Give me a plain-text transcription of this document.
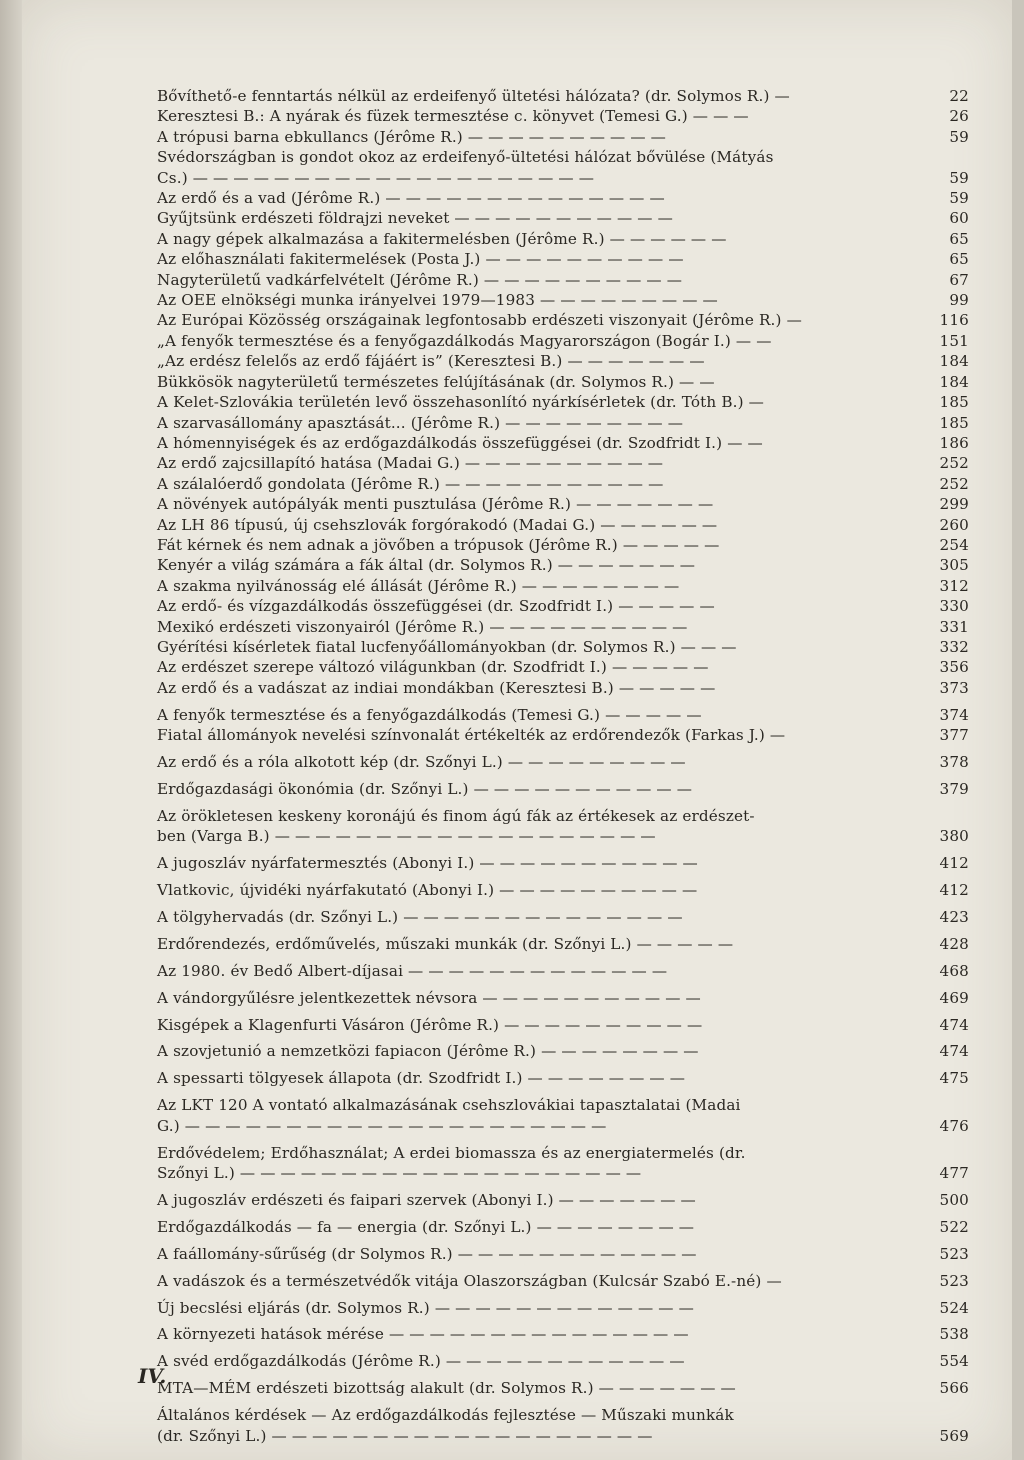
Bővíthető-e fenntartás nélkül az erdeifenyő ültetési hálózata? (dr. Solymos R.) —	22
Keresztesi B.: A nyárak és füzek termesztése c. könyvet (Temesi G.) — — —	26
A trópusi barna ebkullancs (Jérôme R.) — — — — — — — — — —	59
Svédországban is gondot okoz az erdeifenyő-ültetési hálózat bővülése (Mátyás
Cs.) — — — — — — — — — — — — — — — — — — — —	59
Az erdő és a vad (Jérôme R.) — — — — — — — — — — — — — —	59
Gyűjtsünk erdészeti földrajzi neveket — — — — — — — — — — —	60
A nagy gépek alkalmazása a fakitermelésben (Jérôme R.) — — — — — —	65
Az előhasználati fakitermelések (Posta J.) — — — — — — — — — —	65
Nagyterületű vadkárfelvételt (Jérôme R.) — — — — — — — — — —	67
Az OEE elnökségi munka irányelvei 1979—1983 — — — — — — — — —	99
Az Európai Közösség országainak legfontosabb erdészeti viszonyait (Jérôme R.) —	116
„A fenyők termesztése és a fenyőgazdálkodás Magyarországon (Bogár I.) — —	151
„Az erdész felelős az erdő fájáért is” (Keresztesi B.) — — — — — — —	184
Bükkösök nagyterületű természetes felújításának (dr. Solymos R.) — —	184
A Kelet-Szlovákia területén levő összehasonlító nyárkísérletek (dr. Tóth B.) —	185
A szarvasállomány apasztását... (Jérôme R.) — — — — — — — — —	185
A hómennyiségek és az erdőgazdálkodás összefüggései (dr. Szodfridt I.) — —	186
Az erdő zajcsillapító hatása (Madai G.) — — — — — — — — — —	252
A szálalóerdő gondolata (Jérôme R.) — — — — — — — — — — —	252
A növények autópályák menti pusztulása (Jérôme R.) — — — — — — —	299
Az LH 86 típusú, új csehszlovák forgórakodó (Madai G.) — — — — — —	260
Fát kérnek és nem adnak a jövőben a trópusok (Jérôme R.) — — — — —	254
Kenyér a világ számára a fák által (dr. Solymos R.) — — — — — — —	305
A szakma nyilvánosság elé állását (Jérôme R.) — — — — — — — —	312
Az erdő- és vízgazdálkodás összefüggései (dr. Szodfridt I.) — — — — —	330
Mexikó erdészeti viszonyairól (Jérôme R.) — — — — — — — — — —	331
Gyérítési kísérletek fiatal lucfenyőállományokban (dr. Solymos R.) — — —	332
Az erdészet szerepe változó világunkban (dr. Szodfridt I.) — — — — —	356
Az erdő és a vadászat az indiai mondákban (Keresztesi B.) — — — — —	373
A fenyők termesztése és a fenyőgazdálkodás (Temesi G.) — — — — —	374
Fiatal állományok nevelési színvonalát értékelték az erdőrendezők (Farkas J.) —	377
Az erdő és a róla alkotott kép (dr. Szőnyi L.) — — — — — — — — —	378
Erdőgazdasági ökonómia (dr. Szőnyi L.) — — — — — — — — — — —	379
Az örökletesen keskeny koronájú és finom ágú fák az értékesek az erdészet-
ben (Varga B.) — — — — — — — — — — — — — — — — — — —	380
A jugoszláv nyárfatermesztés (Abonyi I.) — — — — — — — — — — —	412
Vlatkovic, újvidéki nyárfakutató (Abonyi I.) — — — — — — — — — —	412
A tölgyhervadás (dr. Szőnyi L.) — — — — — — — — — — — — — —	423
Erdőrendezés, erdőművelés, műszaki munkák (dr. Szőnyi L.) — — — — —	428
Az 1980. év Bedő Albert-díjasai — — — — — — — — — — — — —	468
A vándorgyűlésre jelentkezettek névsora — — — — — — — — — — —	469
Kisgépek a Klagenfurti Vásáron (Jérôme R.) — — — — — — — — — —	474
A szovjetunió a nemzetközi fapiacon (Jérôme R.) — — — — — — — —	474
A spessarti tölgyesek állapota (dr. Szodfridt I.) — — — — — — — —	475
Az LKT 120 A vontató alkalmazásának csehszlovákiai tapasztalatai (Madai
G.) — — — — — — — — — — — — — — — — — — — — —	476
Erdővédelem; Erdőhasználat; A erdei biomassza és az energiatermelés (dr.
Szőnyi L.) — — — — — — — — — — — — — — — — — — — —	477
A jugoszláv erdészeti és faipari szervek (Abonyi I.) — — — — — — —	500
Erdőgazdálkodás — fa — energia (dr. Szőnyi L.) — — — — — — — —	522
A faállomány-sűrűség (dr Solymos R.) — — — — — — — — — — — —	523
A vadászok és a természetvédők vitája Olaszországban (Kulcsár Szabó E.-né) —	523
Új becslési eljárás (dr. Solymos R.) — — — — — — — — — — — — —	524
A környezeti hatások mérése — — — — — — — — — — — — — — —	538
A svéd erdőgazdálkodás (Jérôme R.) — — — — — — — — — — — —	554
MTA—MÉM erdészeti bizottság alakult (dr. Solymos R.) — — — — — — —	566
Általános kérdések — Az erdőgazdálkodás fejlesztése — Műszaki munkák
(dr. Szőnyi L.) — — — — — — — — — — — — — — — — — — —	569
IV.
